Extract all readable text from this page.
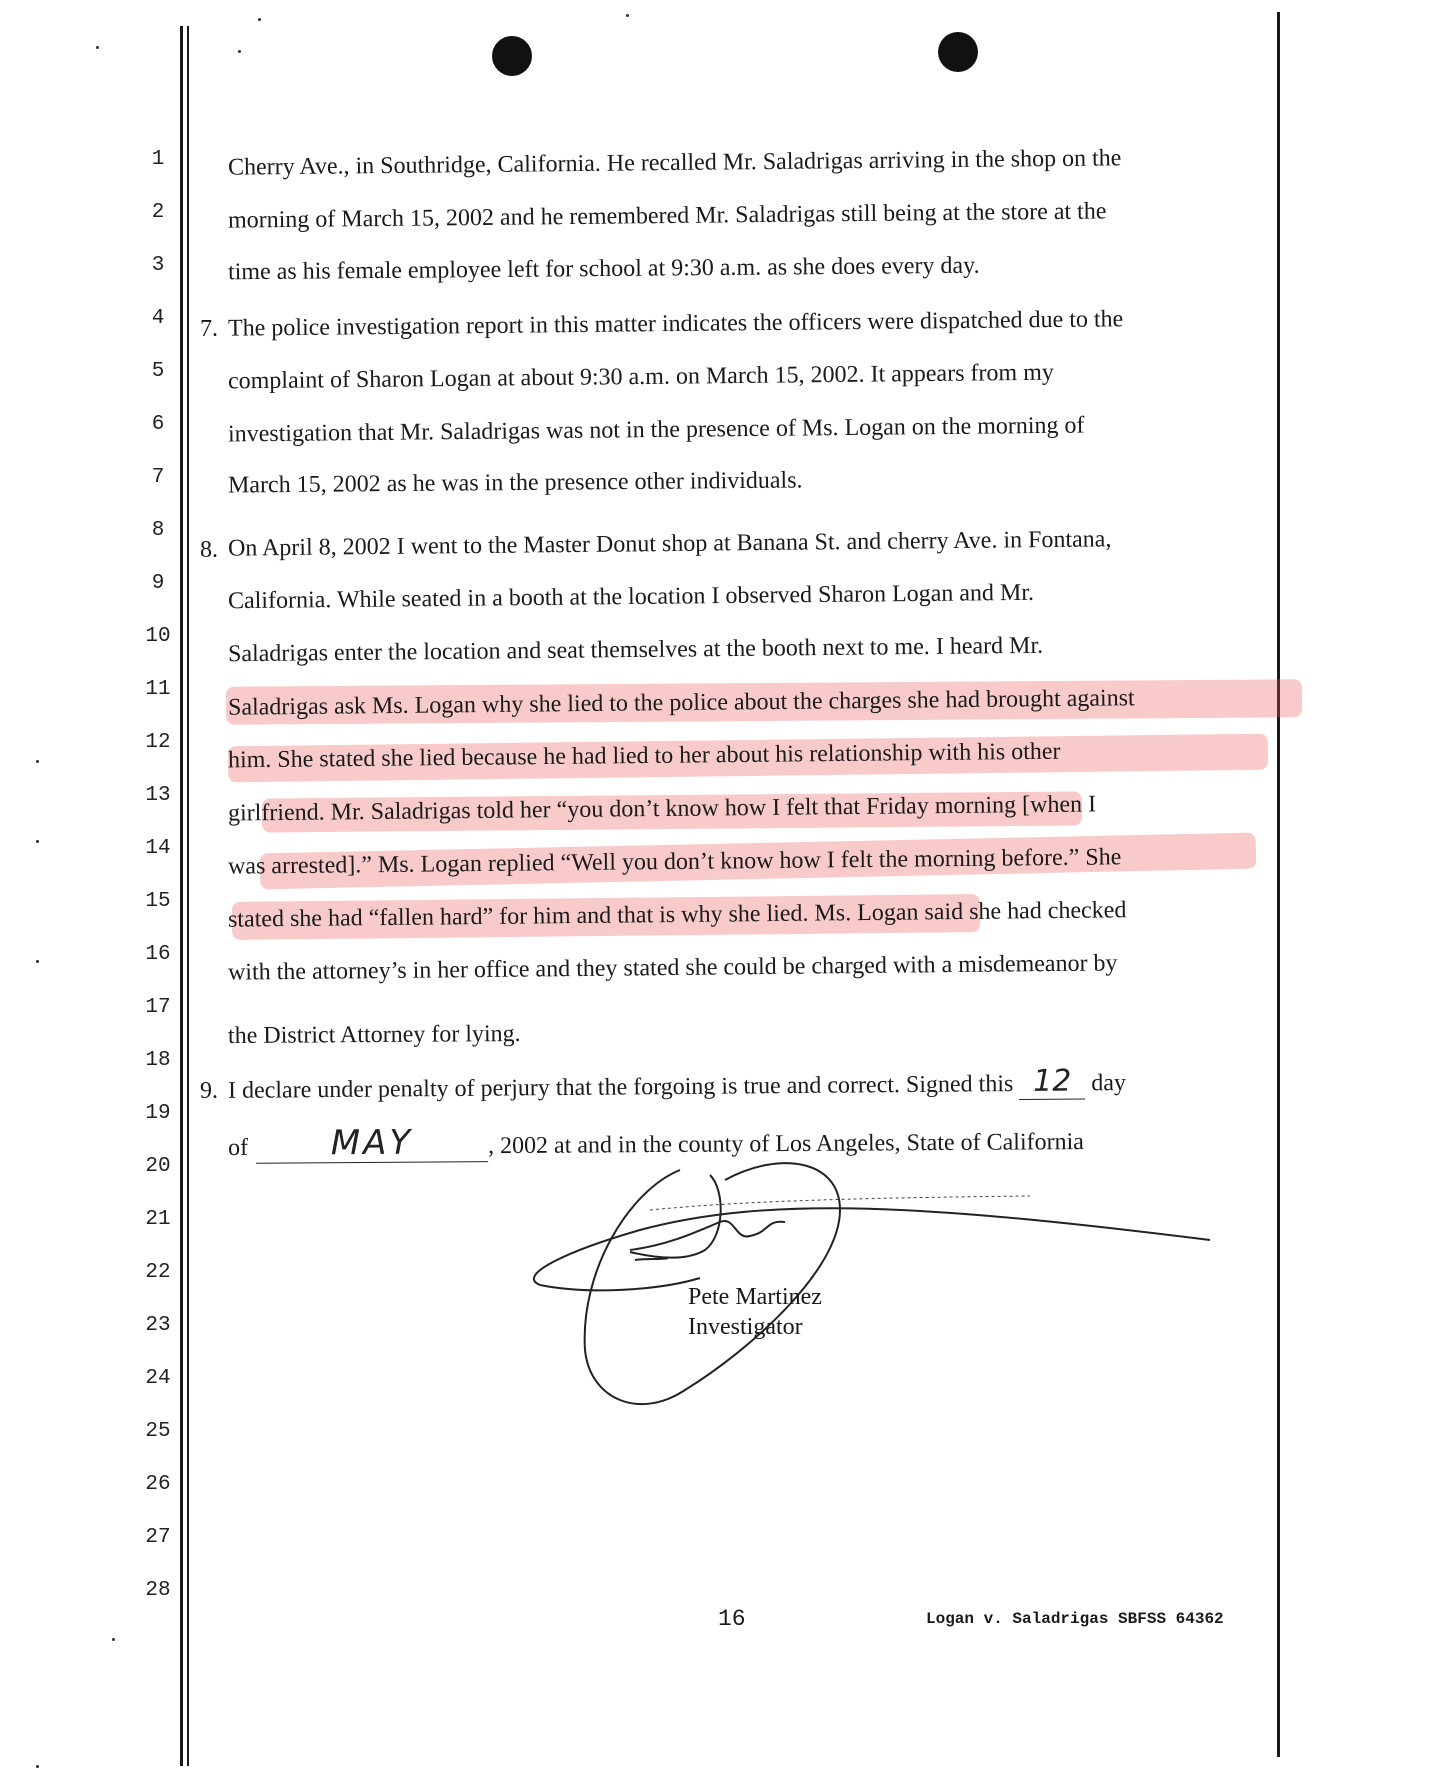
1
2
3
4
5
6
7
8
9
10
11
12
13
14
15
16
17
18
19
20
21
22
23
24
25
26
27
28
Cherry Ave., in Southridge, California. He recalled Mr. Saladrigas arriving in the shop on the
morning of March 15, 2002 and he remembered Mr. Saladrigas still being at the store at the
time as his female employee left for school at 9:30 a.m. as she does every day.
7. The police investigation report in this matter indicates the officers were dispatched due to the
complaint of Sharon Logan at about 9:30 a.m. on March 15, 2002. It appears from my
investigation that Mr. Saladrigas was not in the presence of Ms. Logan on the morning of
March 15, 2002 as he was in the presence other individuals.
8. On April 8, 2002 I went to the Master Donut shop at Banana St. and cherry Ave. in Fontana,
California. While seated in a booth at the location I observed Sharon Logan and Mr.
Saladrigas enter the location and seat themselves at the booth next to me. I heard Mr.
Saladrigas ask Ms. Logan why she lied to the police about the charges she had brought against
him. She stated she lied because he had lied to her about his relationship with his other
girlfriend. Mr. Saladrigas told her “you don’t know how I felt that Friday morning [when I
was arrested].” Ms. Logan replied “Well you don’t know how I felt the morning before.” She
stated she had “fallen hard” for him and that is why she lied. Ms. Logan said she had checked
with the attorney’s in her office and they stated she could be charged with a misdemeanor by
the District Attorney for lying.
9. I declare under penalty of perjury that the forgoing is true and correct. Signed this 12 day
of MAY	, 2002 at and in the county of Los Angeles, State of California
Pete Martinez
Investigator
16	Logan v. Saladrigas SBFSS 64362
